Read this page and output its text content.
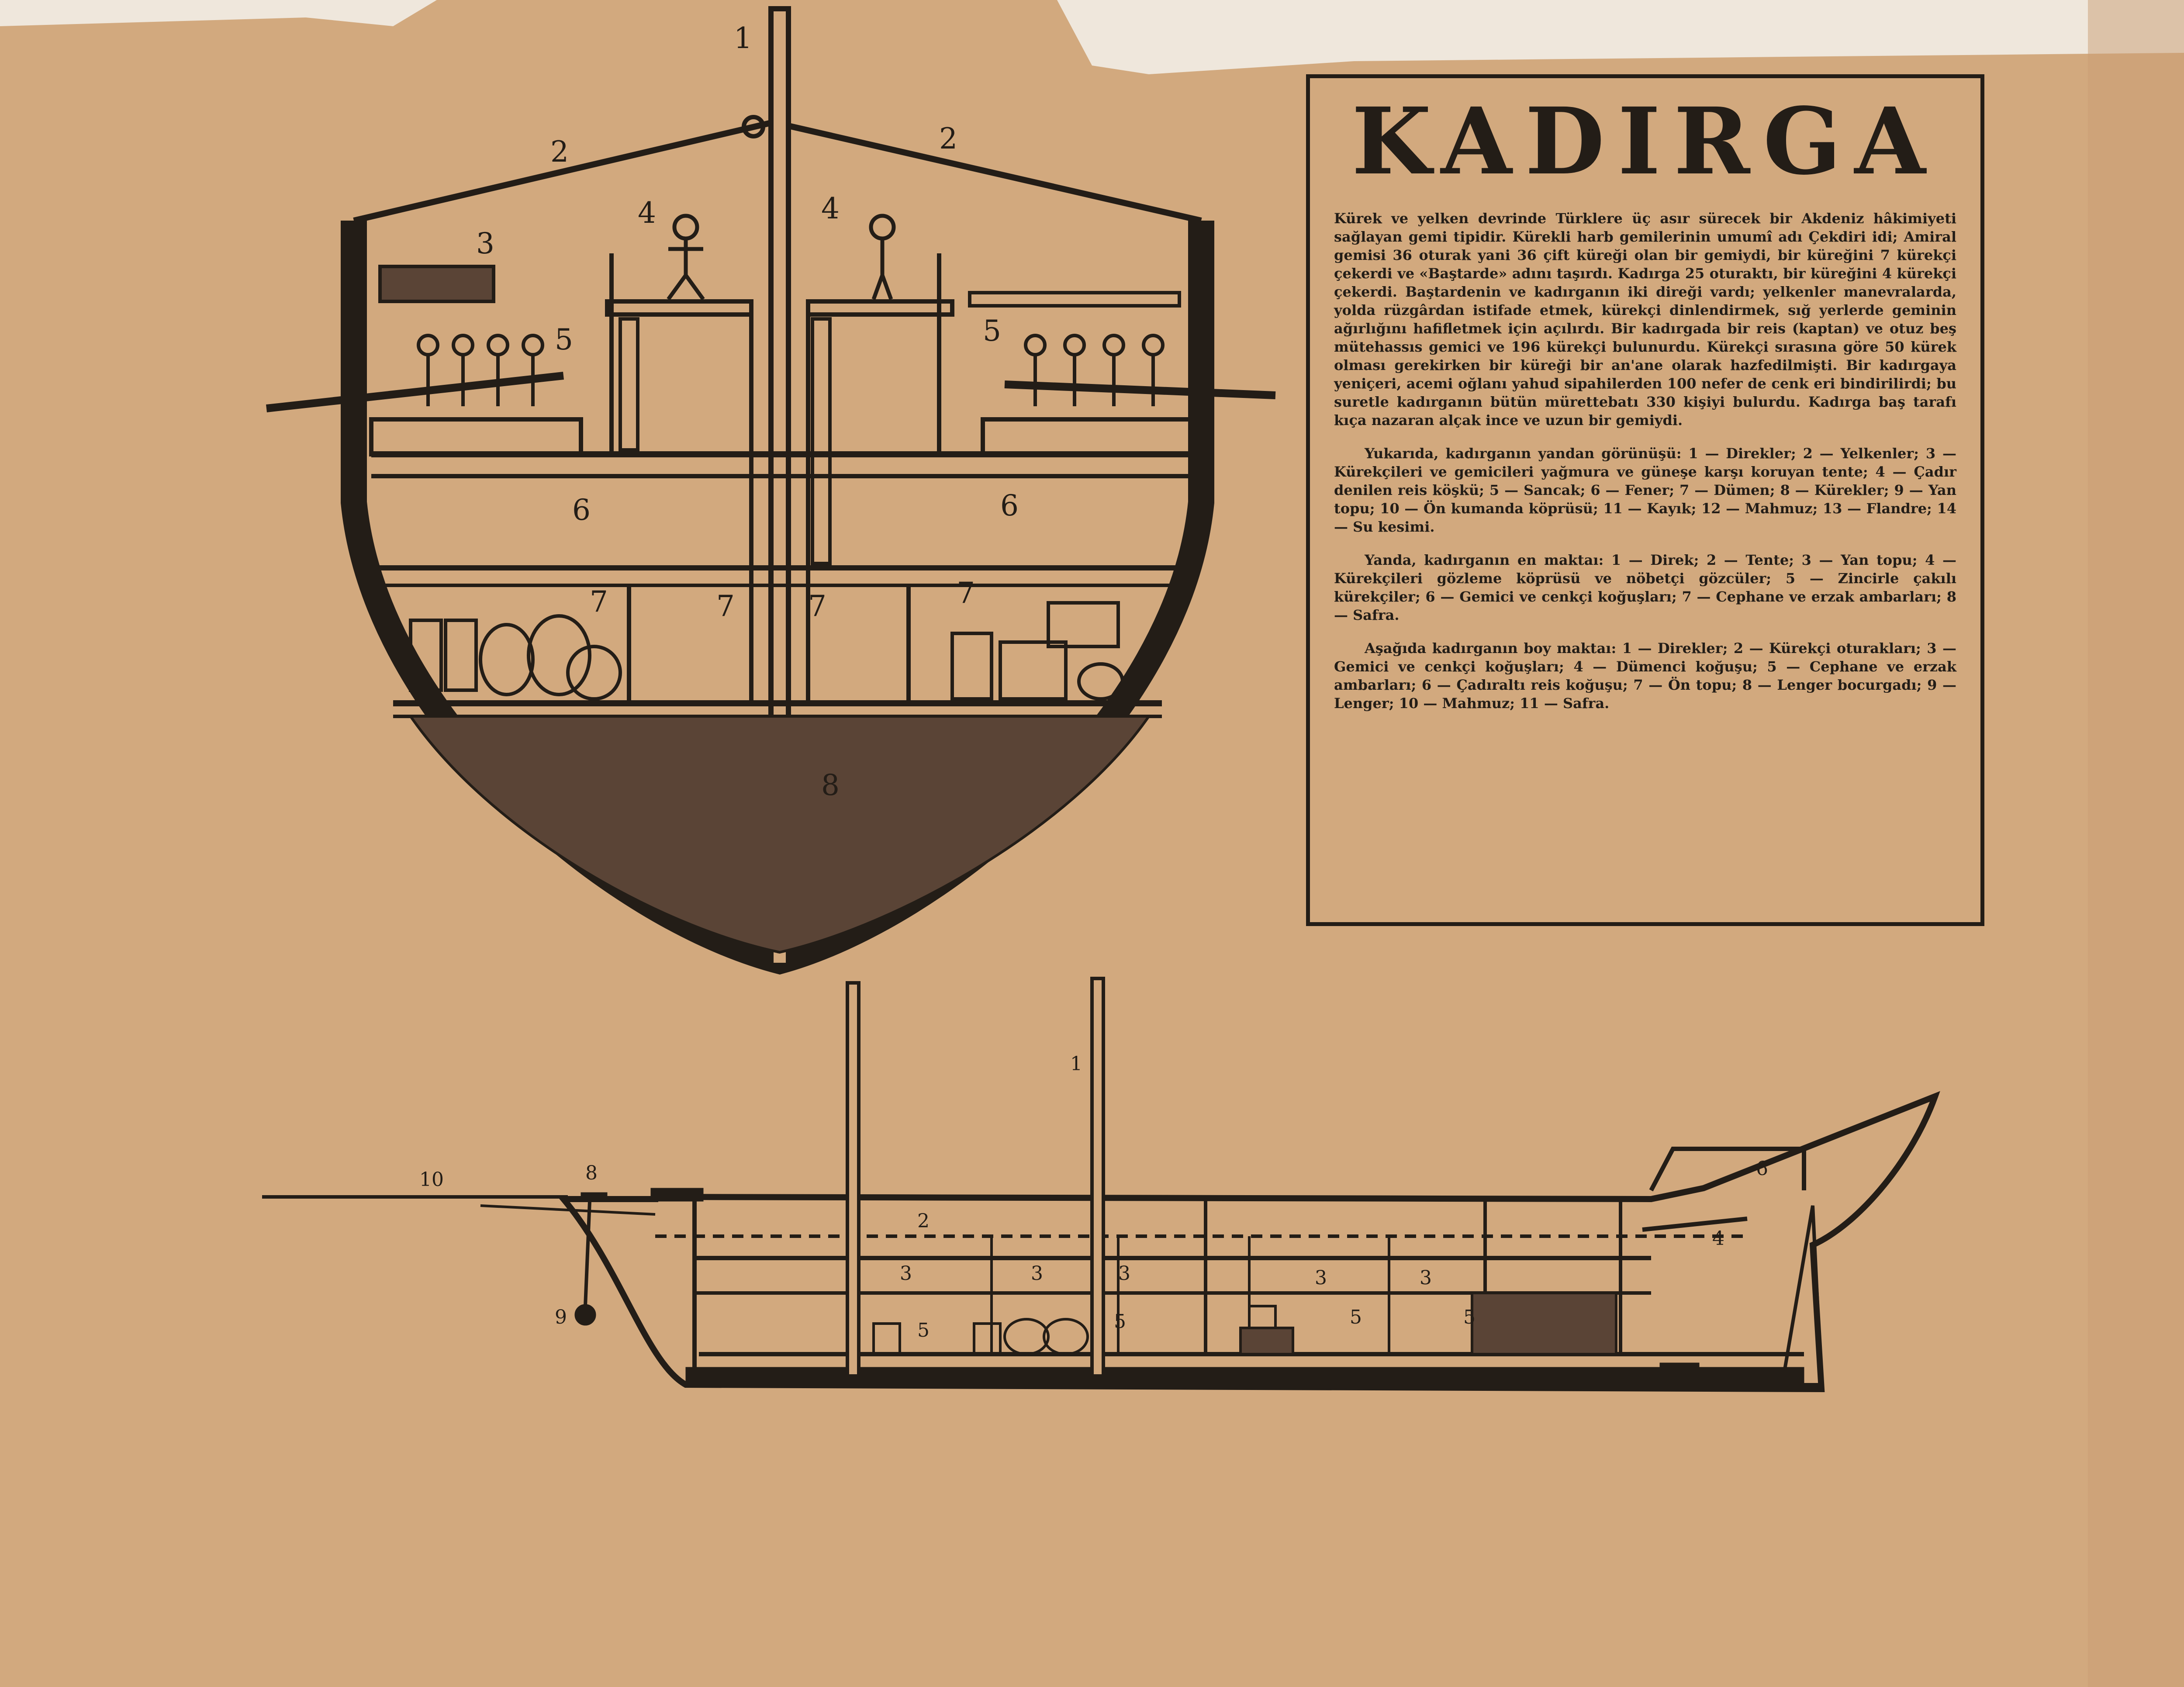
1
2	2
3
4	4
5	5
6	6
7	7	7	7
8
1
2
3	3	3	3	3
4
5	5	5	5
6
8
9
10
11
KADIRGA

Kürek ve yelken devrinde Türklere üç asır sürecek bir Akdeniz hâkimiyeti sağlayan gemi tipidir. Kürekli harb gemilerinin umumî adı Çekdiri idi; Amiral gemisi 36 oturak yani 36 çift küreği olan bir gemiydi, bir küreğini 7 kürekçi çekerdi ve «Baştarde» adını taşırdı. Kadırga 25 oturaktı, bir küreğini 4 kürekçi çekerdi. Baştardenin ve kadırganın iki direği vardı; yelkenler manevralarda, yolda rüzgârdan istifade etmek, kürekçi dinlendirmek, sığ yerlerde geminin ağırlığını hafifletmek için açılırdı. Bir kadırgada bir reis (kaptan) ve otuz beş mütehassıs gemici ve 196 kürekçi bulunurdu. Kürekçi sırasına göre 50 kürek olması gerekirken bir küreği bir an'ane olarak hazfedilmişti. Bir kadırgaya yeniçeri, acemi oğlanı yahud sipahilerden 100 nefer de cenk eri bindirilirdi; bu suretle kadırganın bütün mürettebatı 330 kişiyi bulurdu. Kadırga baş tarafı kıça nazaran alçak ince ve uzun bir gemiydi.

Yukarıda, kadırganın yandan görünüşü: 1 — Direkler; 2 — Yelkenler; 3 — Kürekçileri ve gemicileri yağmura ve güneşe karşı koruyan tente; 4 — Çadır denilen reis köşkü; 5 — Sancak; 6 — Fener; 7 — Dümen; 8 — Kürekler; 9 — Yan topu; 10 — Ön kumanda köprüsü; 11 — Kayık; 12 — Mahmuz; 13 — Flandre; 14 — Su kesimi.

Yanda, kadırganın en maktaı: 1 — Direk; 2 — Tente; 3 — Yan topu; 4 — Kürekçileri gözleme köprüsü ve nöbetçi gözcüler; 5 — Zincirle çakılı kürekçiler; 6 — Gemici ve cenkçi koğuşları; 7 — Cephane ve erzak ambarları; 8 — Safra.

Aşağıda kadırganın boy maktaı: 1 — Direkler; 2 — Kürekçi oturakları; 3 — Gemici ve cenkçi koğuşları; 4 — Dümenci koğuşu; 5 — Cephane ve erzak ambarları; 6 — Çadıraltı reis koğuşu; 7 — Ön topu; 8 — Lenger bocurgadı; 9 — Lenger; 10 — Mahmuz; 11 — Safra.
